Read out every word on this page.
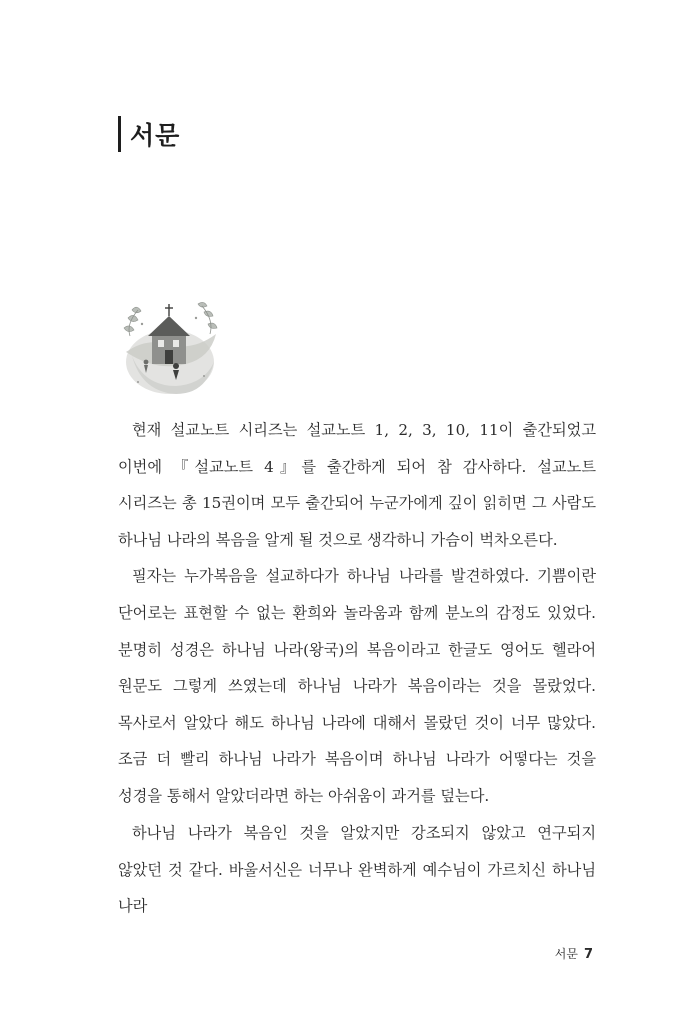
서문

현재 설교노트 시리즈는 설교노트 1, 2, 3, 10, 11이 출간되었고 이번에 『설교노트 4』를 출간하게 되어 참 감사하다. 설교노트 시리즈는 총 15권이며 모두 출간되어 누군가에게 깊이 읽히면 그 사람도 하나님 나라의 복음을 알게 될 것으로 생각하니 가슴이 벅차오른다.

필자는 누가복음을 설교하다가 하나님 나라를 발견하였다. 기쁨이란 단어로는 표현할 수 없는 환희와 놀라움과 함께 분노의 감정도 있었다. 분명히 성경은 하나님 나라(왕국)의 복음이라고 한글도 영어도 헬라어 원문도 그렇게 쓰였는데 하나님 나라가 복음이라는 것을 몰랐었다. 목사로서 알았다 해도 하나님 나라에 대해서 몰랐던 것이 너무 많았다. 조금 더 빨리 하나님 나라가 복음이며 하나님 나라가 어떻다는 것을 성경을 통해서 알았더라면 하는 아쉬움이 과거를 덮는다.

하나님 나라가 복음인 것을 알았지만 강조되지 않았고 연구되지 않았던 것 같다. 바울서신은 너무나 완벽하게 예수님이 가르치신 하나님 나라

서문 7
